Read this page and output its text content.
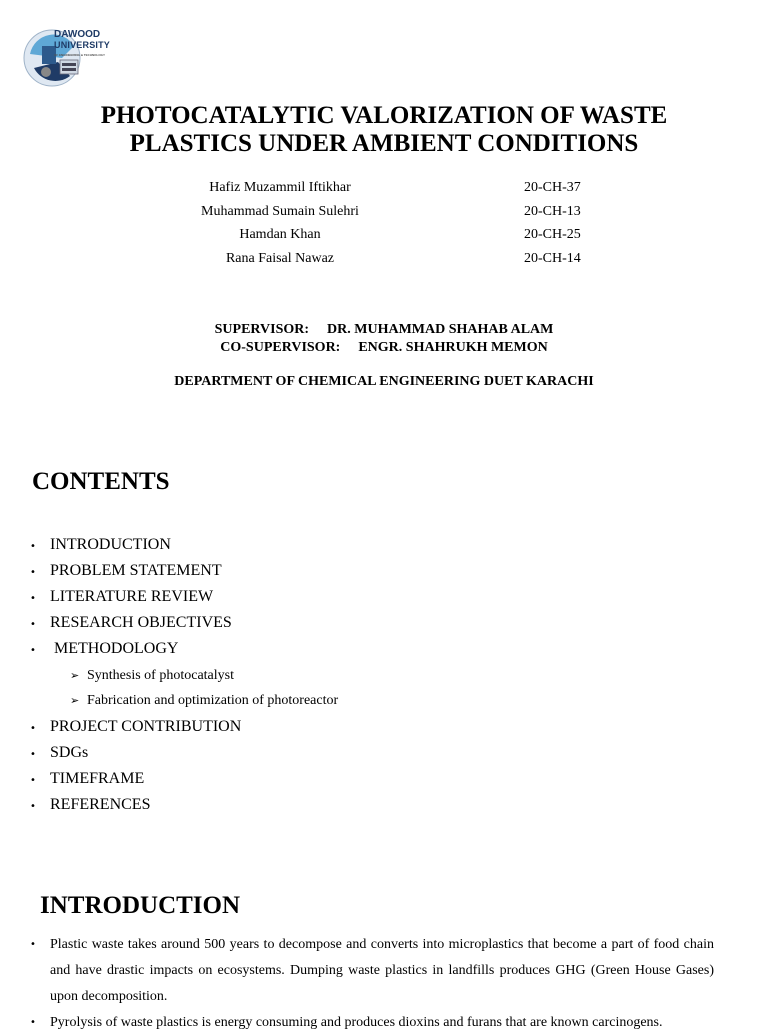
DAWOOD
UNIVERSITY
OF ENGINEERING & TECHNOLOGY
PHOTOCATALYTIC VALORIZATION OF WASTE
PLASTICS UNDER AMBIENT CONDITIONS
Hafiz Muzammil Iftikhar	20-CH-37
Muhammad Sumain Sulehri	20-CH-13
Hamdan Khan	20-CH-25
Rana Faisal Nawaz	20-CH-14
SUPERVISOR: DR. MUHAMMAD SHAHAB ALAM
CO-SUPERVISOR: ENGR. SHAHRUKH MEMON
DEPARTMENT OF CHEMICAL ENGINEERING DUET KARACHI
CONTENTS
• INTRODUCTION
• PROBLEM STATEMENT
• LITERATURE REVIEW
• RESEARCH OBJECTIVES
• METHODOLOGY
➢ Synthesis of photocatalyst
➢ Fabrication and optimization of photoreactor
• PROJECT CONTRIBUTION
• SDGs
• TIMEFRAME
• REFERENCES
INTRODUCTION
• Plastic waste takes around 500 years to decompose and converts into microplastics that become a part of food chain and have drastic impacts on ecosystems. Dumping waste plastics in landfills produces GHG (Green House Gases) upon decomposition.
• Pyrolysis of waste plastics is energy consuming and produces dioxins and furans that are known carcinogens.
